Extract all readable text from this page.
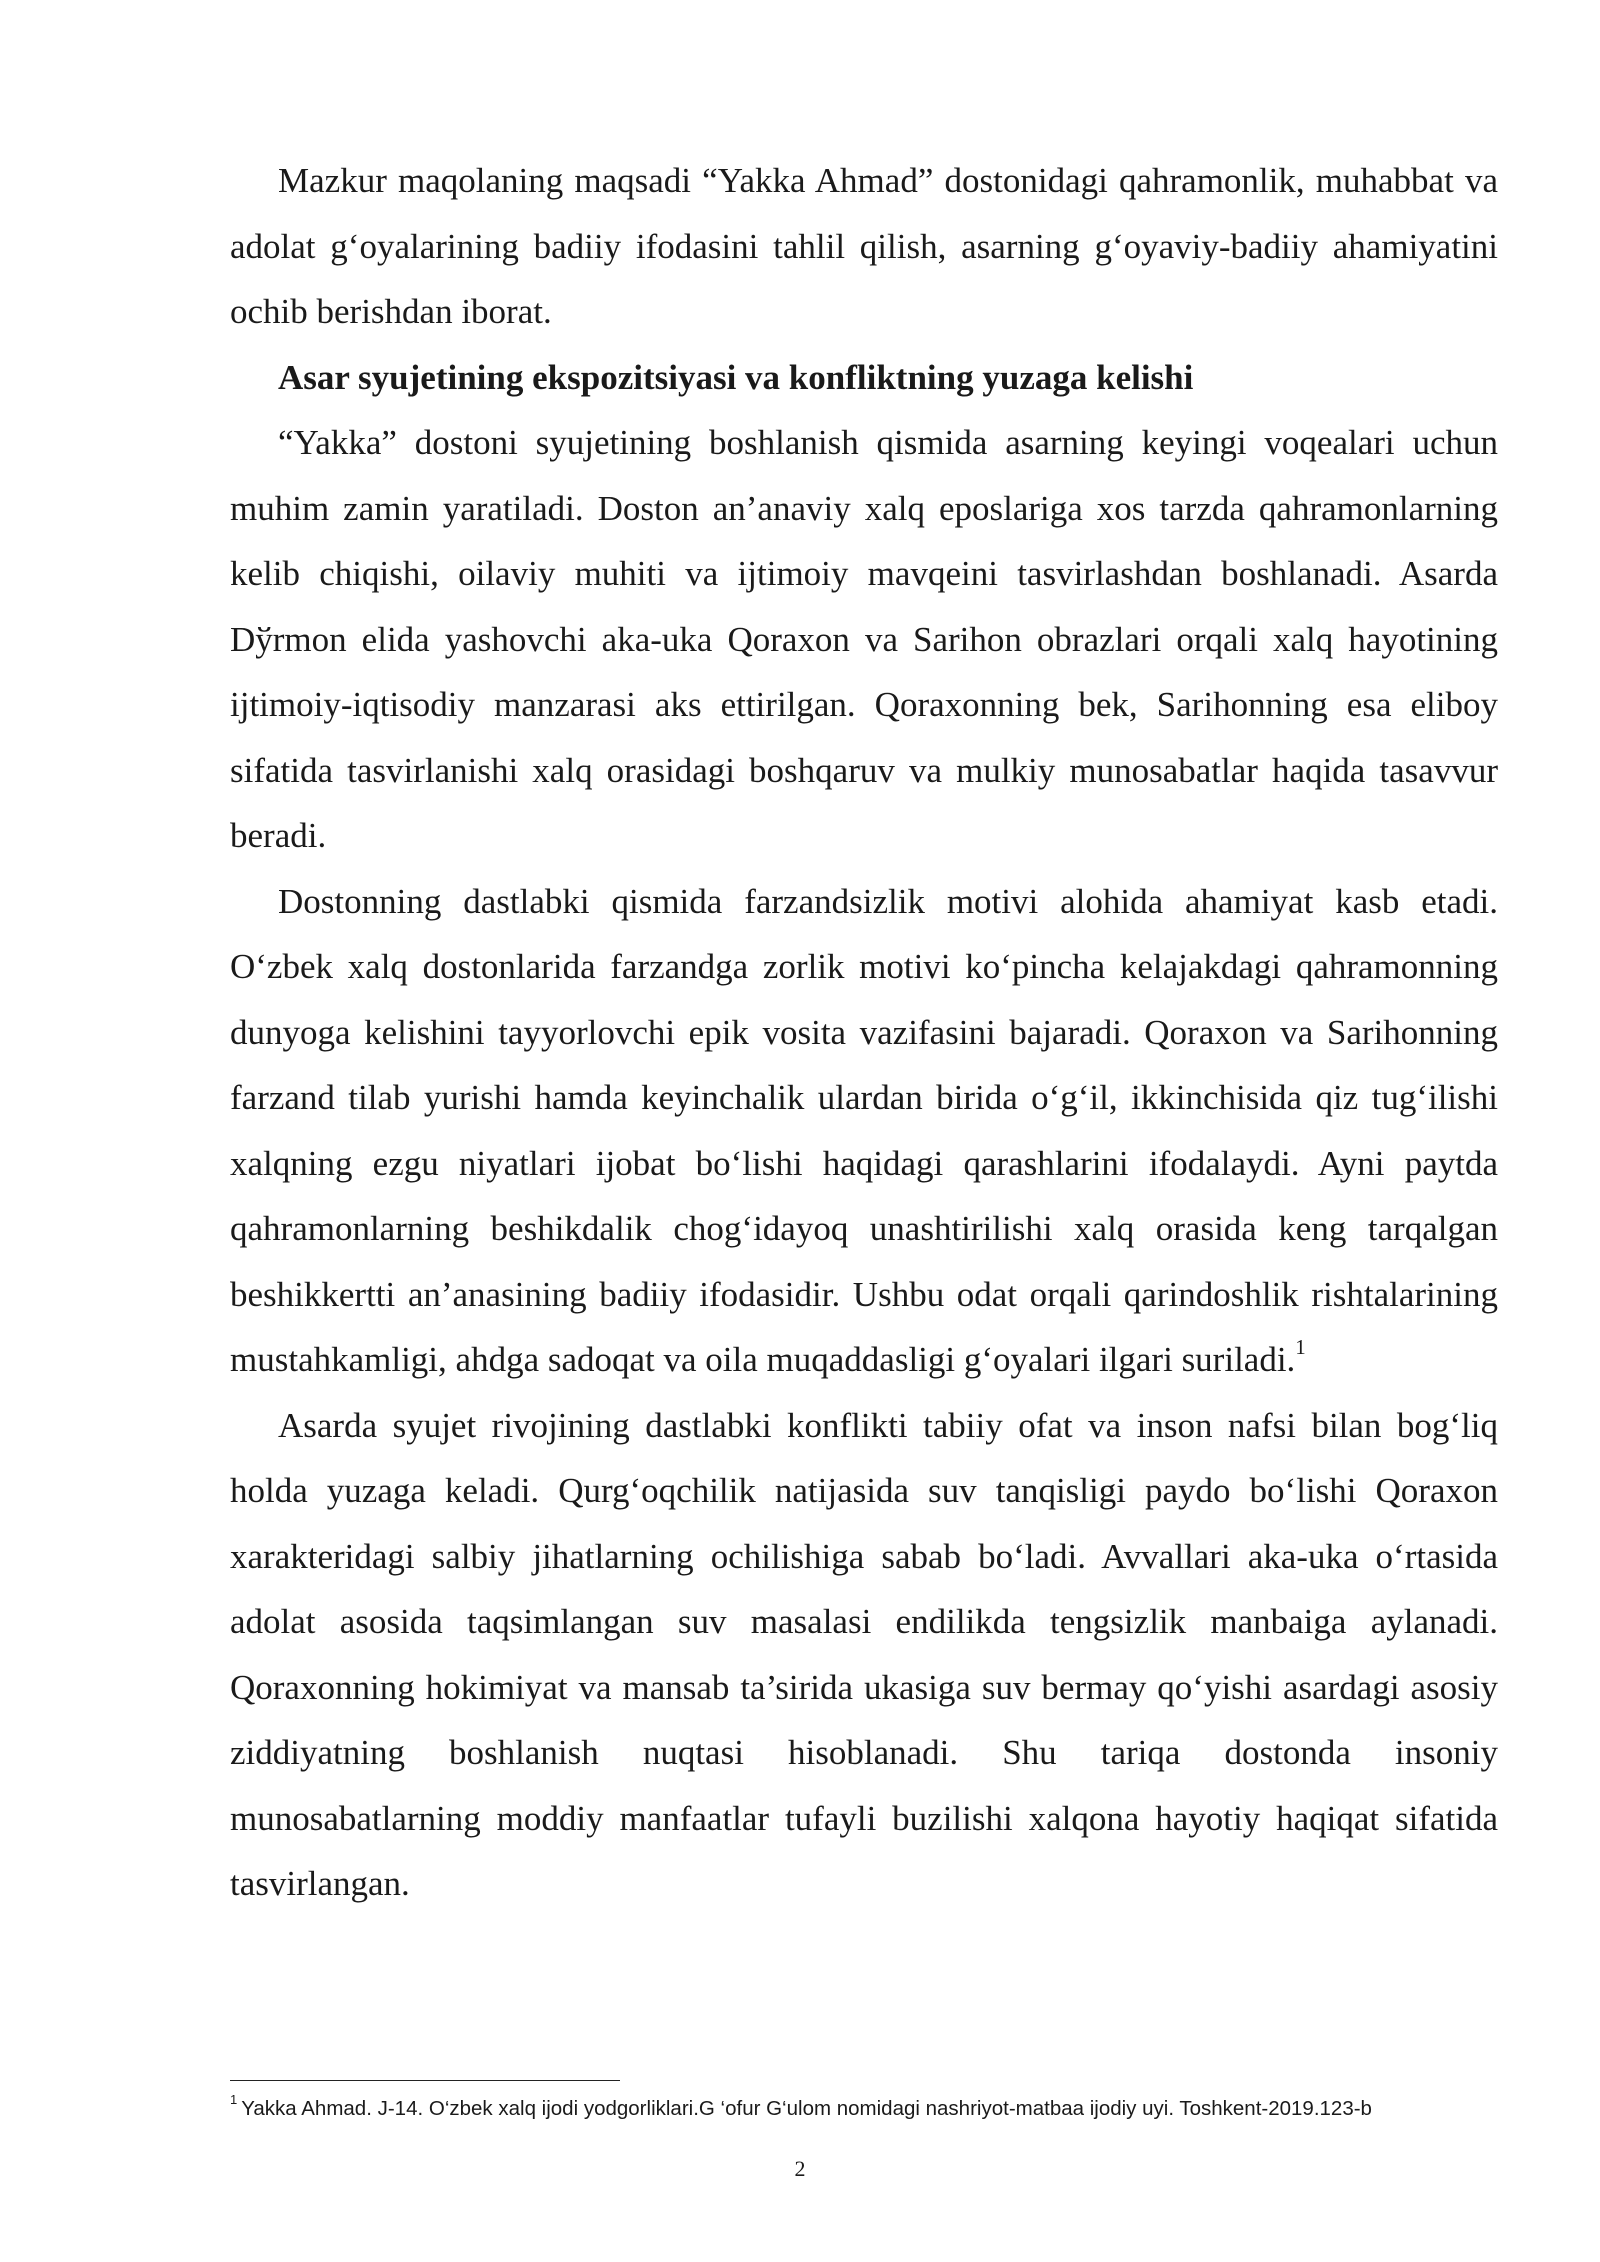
Mazkur maqolaning maqsadi “Yakka Ahmad” dostonidagi qahramonlik, muhabbat va adolat g‘oyalarining badiiy ifodasini tahlil qilish, asarning g‘oyaviy-badiiy ahamiyatini ochib berishdan iborat.

Asar syujetining ekspozitsiyasi va konfliktning yuzaga kelishi

“Yakka” dostoni syujetining boshlanish qismida asarning keyingi voqealari uchun muhim zamin yaratiladi. Doston an’anaviy xalq eposlariga xos tarzda qahramonlarning kelib chiqishi, oilaviy muhiti va ijtimoiy mavqeini tasvirlashdan boshlanadi. Asarda Dўrmon elida yashovchi aka-uka Qoraxon va Sarihon obrazlari orqali xalq hayotining ijtimoiy-iqtisodiy manzarasi aks ettirilgan. Qoraxonning bek, Sarihonning esa eliboy sifatida tasvirlanishi xalq orasidagi boshqaruv va mulkiy munosabatlar haqida tasavvur beradi.

Dostonning dastlabki qismida farzandsizlik motivi alohida ahamiyat kasb etadi. O‘zbek xalq dostonlarida farzandga zorlik motivi ko‘pincha kelajakdagi qahramonning dunyoga kelishini tayyorlovchi epik vosita vazifasini bajaradi. Qoraxon va Sarihonning farzand tilab yurishi hamda keyinchalik ulardan birida o‘g‘il, ikkinchisida qiz tug‘ilishi xalqning ezgu niyatlari ijobat bo‘lishi haqidagi qarashlarini ifodalaydi. Ayni paytda qahramonlarning beshikdalik chog‘idayoq unashtirilishi xalq orasida keng tarqalgan beshikkertti an’anasining badiiy ifodasidir. Ushbu odat orqali qarindoshlik rishtalarining mustahkamligi, ahdga sadoqat va oila muqaddasligi g‘oyalari ilgari suriladi.$^1$

Asarda syujet rivojining dastlabki konflikti tabiiy ofat va inson nafsi bilan bog‘liq holda yuzaga keladi. Qurg‘oqchilik natijasida suv tanqisligi paydo bo‘lishi Qoraxon xarakteridagi salbiy jihatlarning ochilishiga sabab bo‘ladi. Avvallari aka-uka o‘rtasida adolat asosida taqsimlangan suv masalasi endilikda tengsizlik manbaiga aylanadi. Qoraxonning hokimiyat va mansab ta’sirida ukasiga suv bermay qo‘yishi asardagi asosiy ziddiyatning boshlanish nuqtasi hisoblanadi. Shu tariqa dostonda insoniy munosabatlarning moddiy manfaatlar tufayli buzilishi xalqona hayotiy haqiqat sifatida tasvirlangan.

$^1$ Yakka Ahmad. J-14. O‘zbek xalq ijodi yodgorliklari.G ‘ofur G‘ulom nomidagi nashriyot-matbaa ijodiy uyi. Toshkent-2019.123-b
2
